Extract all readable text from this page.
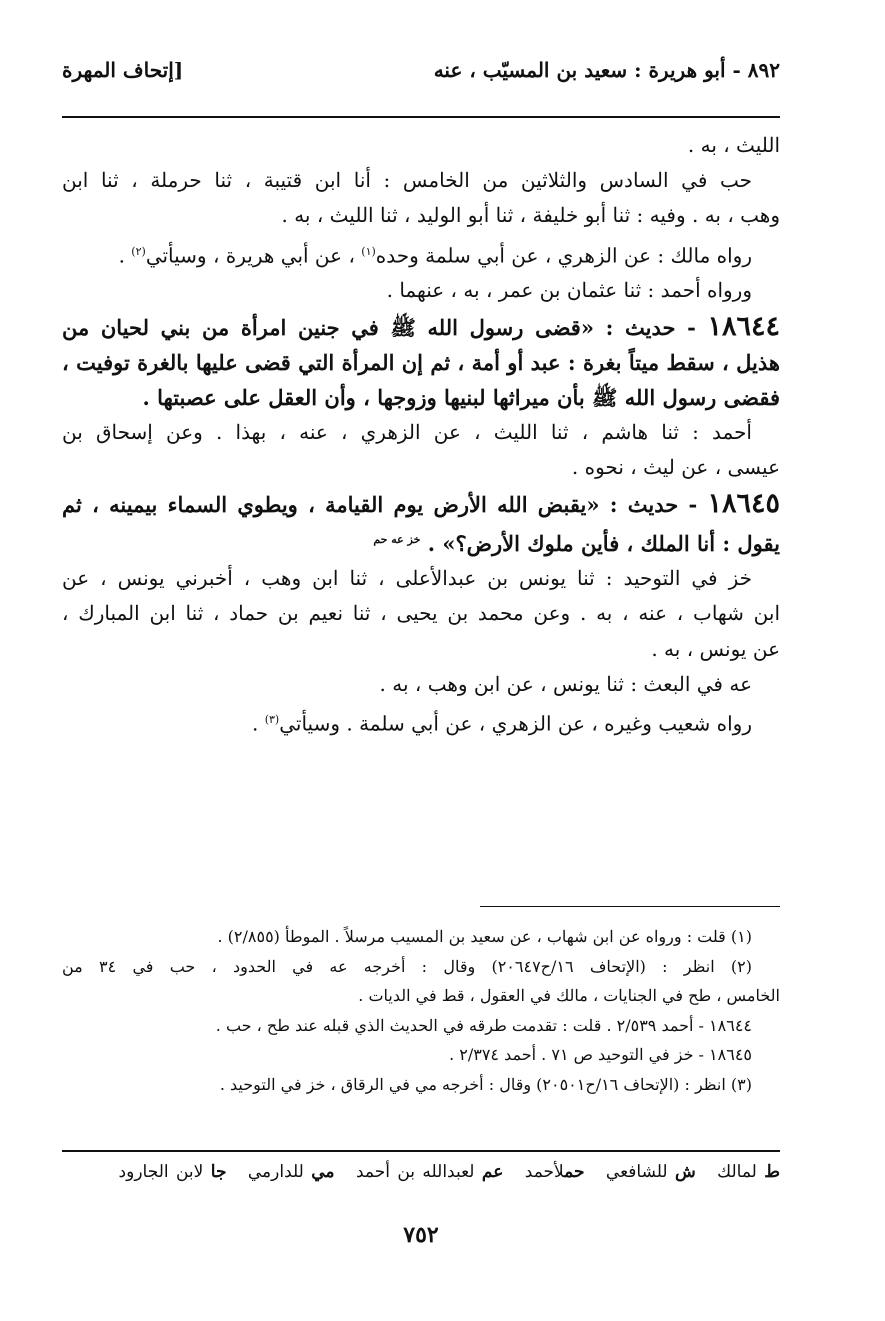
٨٩٢ - أبو هريرة : سعيد بن المسيّب ، عنه
[إتحاف المهرة
الليث ، به .
حب في السادس والثلاثين من الخامس : أنا ابن قتيبة ، ثنا حرملة ، ثنا ابن
وهب ، به . وفيه : ثنا أبو خليفة ، ثنا أبو الوليد ، ثنا الليث ، به .
رواه مالك : عن الزهري ، عن أبي سلمة وحده$^{(١)}$ ، عن أبي هريرة ، وسيأتي$^{(٢)}$ .
ورواه أحمد : ثنا عثمان بن عمر ، به ، عنهما .
١٨٦٤٤ - حديث : «قضى رسول الله ﷺ في جنين امرأة من بني لحيان من
هذيل ، سقط ميتاً بغرة : عبد أو أمة ، ثم إن المرأة التي قضى عليها بالغرة توفيت ،
فقضى رسول الله ﷺ بأن ميراثها لبنيها وزوجها ، وأن العقل على عصبتها .
أحمد : ثنا هاشم ، ثنا الليث ، عن الزهري ، عنه ، بهذا . وعن إسحاق بن
عيسى ، عن ليث ، نحوه .
١٨٦٤٥ - حديث : «يقبض الله الأرض يوم القيامة ، ويطوي السماء بيمينه ، ثم
يقول : أنا الملك ، فأين ملوك الأرض؟» . $^{خز عه حم}$
خز في التوحيد : ثنا يونس بن عبدالأعلى ، ثنا ابن وهب ، أخبرني يونس ، عن
ابن شهاب ، عنه ، به . وعن محمد بن يحيى ، ثنا نعيم بن حماد ، ثنا ابن المبارك ،
عن يونس ، به .
عه في البعث : ثنا يونس ، عن ابن وهب ، به .
رواه شعيب وغيره ، عن الزهري ، عن أبي سلمة . وسيأتي$^{(٣)}$ .
(١) قلت : ورواه عن ابن شهاب ، عن سعيد بن المسيب مرسلاً . الموطأ (٢/٨٥٥) .
(٢) انظر : (الإتحاف ١٦/ح٢٠٦٤٧) وقال : أخرجه عه في الحدود ، حب في ٣٤ من
الخامس ، طح في الجنايات ، مالك في العقول ، قط في الديات .
١٨٦٤٤ - أحمد ٢/٥٣٩ . قلت : تقدمت طرقه في الحديث الذي قبله عند طح ، حب .
١٨٦٤٥ - خز في التوحيد ص ٧١ . أحمد ٢/٣٧٤ .
(٣) انظر : (الإتحاف ١٦/ح٢٠٥٠١) وقال : أخرجه مي في الرقاق ، خز في التوحيد .
ط لمالك ش للشافعي حملأحمد عم لعبدالله بن أحمد مي للدارمي جا لابن الجارود
٧٥٢
